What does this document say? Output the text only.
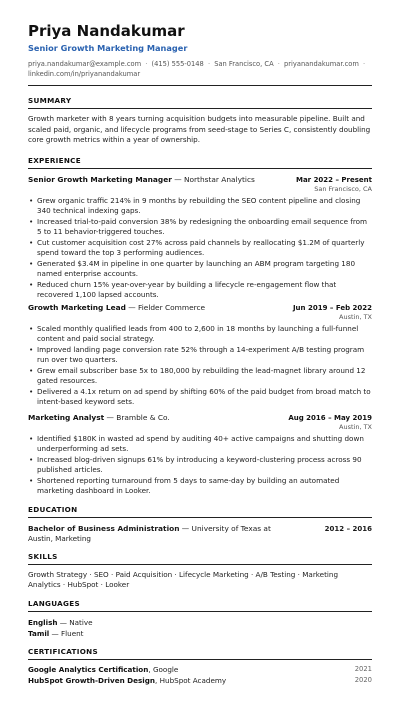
Priya Nandakumar
Senior Growth Marketing Manager
priya.nandakumar@example.com · (415) 555-0148 · San Francisco, CA · priyanandakumar.com ·
linkedin.com/in/priyanandakumar
SUMMARY
Growth marketer with 8 years turning acquisition budgets into measurable pipeline. Built and scaled paid, organic, and lifecycle programs from seed-stage to Series C, consistently doubling core growth metrics within a year of ownership.
EXPERIENCE
Senior Growth Marketing Manager — Northstar Analytics	Mar 2022 – Present
San Francisco, CA
• Grew organic traffic 214% in 9 months by rebuilding the SEO content pipeline and closing 340 technical indexing gaps.
• Increased trial-to-paid conversion 38% by redesigning the onboarding email sequence from 5 to 11 behavior-triggered touches.
• Cut customer acquisition cost 27% across paid channels by reallocating $1.2M of quarterly spend toward the top 3 performing audiences.
• Generated $3.4M in pipeline in one quarter by launching an ABM program targeting 180 named enterprise accounts.
• Reduced churn 15% year-over-year by building a lifecycle re-engagement flow that recovered 1,100 lapsed accounts.
Growth Marketing Lead — Fielder Commerce	Jun 2019 – Feb 2022
Austin, TX
• Scaled monthly qualified leads from 400 to 2,600 in 18 months by launching a full-funnel content and paid social strategy.
• Improved landing page conversion rate 52% through a 14-experiment A/B testing program run over two quarters.
• Grew email subscriber base 5x to 180,000 by rebuilding the lead-magnet library around 12 gated resources.
• Delivered a 4.1x return on ad spend by shifting 60% of the paid budget from broad match to intent-based keyword sets.
Marketing Analyst — Bramble & Co.	Aug 2016 – May 2019
Austin, TX
• Identified $180K in wasted ad spend by auditing 40+ active campaigns and shutting down underperforming ad sets.
• Increased blog-driven signups 61% by introducing a keyword-clustering process across 90 published articles.
• Shortened reporting turnaround from 5 days to same-day by building an automated marketing dashboard in Looker.
EDUCATION
Bachelor of Business Administration — University of Texas at	2012 – 2016
Austin, Marketing
SKILLS
Growth Strategy · SEO · Paid Acquisition · Lifecycle Marketing · A/B Testing · Marketing Analytics · HubSpot · Looker
LANGUAGES
English — Native
Tamil — Fluent
CERTIFICATIONS
Google Analytics Certification, Google	2021
HubSpot Growth-Driven Design, HubSpot Academy	2020
